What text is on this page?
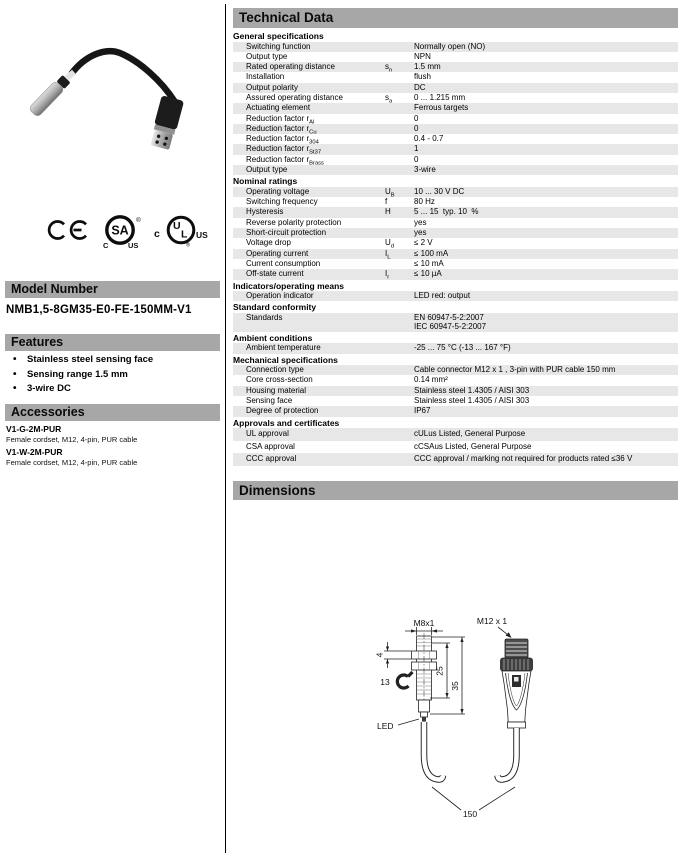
SA
®
C	US
c
U
L
®
US
Model Number
NMB1,5-8GM35-E0-FE-150MM-V1
Features
• Stainless steel sensing face
• Sensing range 1.5 mm
• 3-wire DC
Accessories
V1-G-2M-PUR
Female cordset, M12, 4-pin, PUR cable
V1-W-2M-PUR
Female cordset, M12, 4-pin, PUR cable
Technical Data
General specifications
Switching function	Normally open (NO)
Output type	NPN
Rated operating distance	$s_n$	1.5 mm
Installation	flush
Output polarity	DC
Assured operating distance	$s_a$	0 ... 1.215 mm
Actuating element	Ferrous targets
Reduction factor $r_{Al}$	0
Reduction factor $r_{Cu}$	0
Reduction factor $r_{304}$	0.4 - 0.7
Reduction factor $r_{St37}$	1
Reduction factor $r_{Brass}$	0
Output type	3-wire
Nominal ratings
Operating voltage	$U_B$	10 ... 30 V DC
Switching frequency	f	80 Hz
Hysteresis	H	5 ... 15  typ. 10  %
Reverse polarity protection	yes
Short-circuit protection	yes
Voltage drop	$U_d$	≤ 2 V
Operating current	$I_L$	≤ 100 mA
Current consumption	≤ 10 mA
Off-state current	$I_r$	≤ 10 µA
Indicators/operating means
Operation indicator	LED red: output
Standard conformity
Standards	EN 60947-5-2:2007
IEC 60947-5-2:2007
Ambient conditions
Ambient temperature	-25 ... 75 °C (-13 ... 167 °F)
Mechanical specifications
Connection type	Cable connector M12 x 1 , 3-pin with PUR cable 150 mm
Core cross-section	0.14 mm²
Housing material	Stainless steel 1.4305 / AISI 303
Sensing face	Stainless steel 1.4305 / AISI 303
Degree of protection	IP67
Approvals and certificates
UL approval	cULus Listed, General Purpose
CSA approval	cCSAus Listed, General Purpose
CCC approval	CCC approval / marking not required for products rated ≤36 V
Dimensions
M8x1	M12 x 1
4
13
25
35
LED
150
